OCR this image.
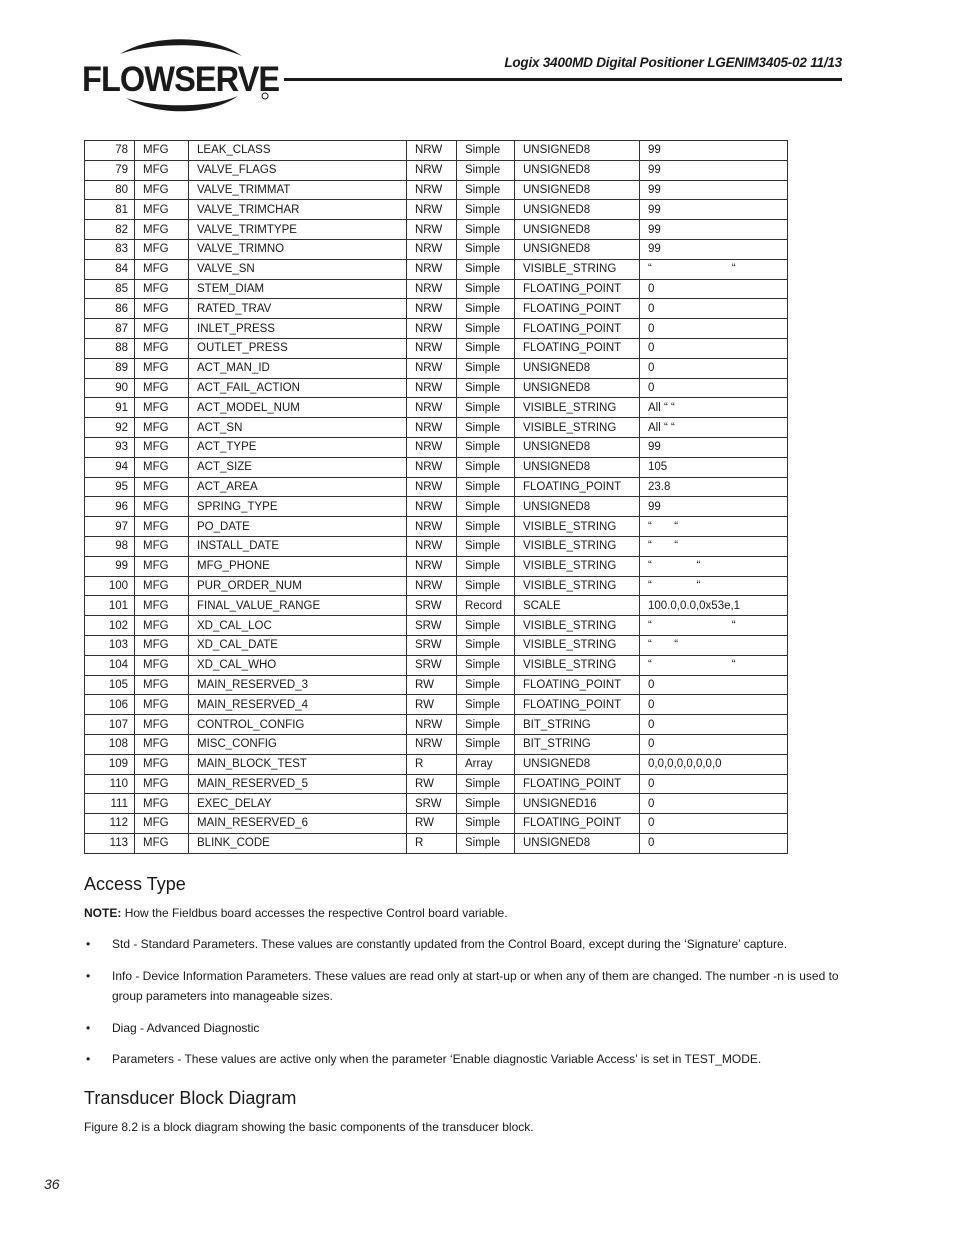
FLOWSERVE	Logix 3400MD Digital Positioner LGENIM3405-02 11/13
78	MFG	LEAK_CLASS	NRW	Simple	UNSIGNED8	99
79	MFG	VALVE_FLAGS	NRW	Simple	UNSIGNED8	99
80	MFG	VALVE_TRIMMAT	NRW	Simple	UNSIGNED8	99
81	MFG	VALVE_TRIMCHAR	NRW	Simple	UNSIGNED8	99
82	MFG	VALVE_TRIMTYPE	NRW	Simple	UNSIGNED8	99
83	MFG	VALVE_TRIMNO	NRW	Simple	UNSIGNED8	99
84	MFG	VALVE_SN	NRW	Simple	VISIBLE_STRING	“                         “
85	MFG	STEM_DIAM	NRW	Simple	FLOATING_POINT	0
86	MFG	RATED_TRAV	NRW	Simple	FLOATING_POINT	0
87	MFG	INLET_PRESS	NRW	Simple	FLOATING_POINT	0
88	MFG	OUTLET_PRESS	NRW	Simple	FLOATING_POINT	0
89	MFG	ACT_MAN_ID	NRW	Simple	UNSIGNED8	0
90	MFG	ACT_FAIL_ACTION	NRW	Simple	UNSIGNED8	0
91	MFG	ACT_MODEL_NUM	NRW	Simple	VISIBLE_STRING	All “ “
92	MFG	ACT_SN	NRW	Simple	VISIBLE_STRING	All “ “
93	MFG	ACT_TYPE	NRW	Simple	UNSIGNED8	99
94	MFG	ACT_SIZE	NRW	Simple	UNSIGNED8	105
95	MFG	ACT_AREA	NRW	Simple	FLOATING_POINT	23.8
96	MFG	SPRING_TYPE	NRW	Simple	UNSIGNED8	99
97	MFG	PO_DATE	NRW	Simple	VISIBLE_STRING	“       “
98	MFG	INSTALL_DATE	NRW	Simple	VISIBLE_STRING	“       “
99	MFG	MFG_PHONE	NRW	Simple	VISIBLE_STRING	“              “
100	MFG	PUR_ORDER_NUM	NRW	Simple	VISIBLE_STRING	“              “
101	MFG	FINAL_VALUE_RANGE	SRW	Record	SCALE	100.0,0.0,0x53e,1
102	MFG	XD_CAL_LOC	SRW	Simple	VISIBLE_STRING	“                         “
103	MFG	XD_CAL_DATE	SRW	Simple	VISIBLE_STRING	“       “
104	MFG	XD_CAL_WHO	SRW	Simple	VISIBLE_STRING	“                         “
105	MFG	MAIN_RESERVED_3	RW	Simple	FLOATING_POINT	0
106	MFG	MAIN_RESERVED_4	RW	Simple	FLOATING_POINT	0
107	MFG	CONTROL_CONFIG	NRW	Simple	BIT_STRING	0
108	MFG	MISC_CONFIG	NRW	Simple	BIT_STRING	0
109	MFG	MAIN_BLOCK_TEST	R	Array	UNSIGNED8	0,0,0,0,0,0,0,0
110	MFG	MAIN_RESERVED_5	RW	Simple	FLOATING_POINT	0
111	MFG	EXEC_DELAY	SRW	Simple	UNSIGNED16	0
112	MFG	MAIN_RESERVED_6	RW	Simple	FLOATING_POINT	0
113	MFG	BLINK_CODE	R	Simple	UNSIGNED8	0
Access Type
NOTE: How the Fieldbus board accesses the respective Control board variable.
• Std - Standard Parameters. These values are constantly updated from the Control Board, except during the ‘Signature’ capture.
• Info - Device Information Parameters. These values are read only at start-up or when any of them are changed. The number -n is used to group parameters into manageable sizes.
• Diag - Advanced Diagnostic
• Parameters - These values are active only when the parameter ‘Enable diagnostic Variable Access’ is set in TEST_MODE.
Transducer Block Diagram
Figure 8.2 is a block diagram showing the basic components of the transducer block.
36
